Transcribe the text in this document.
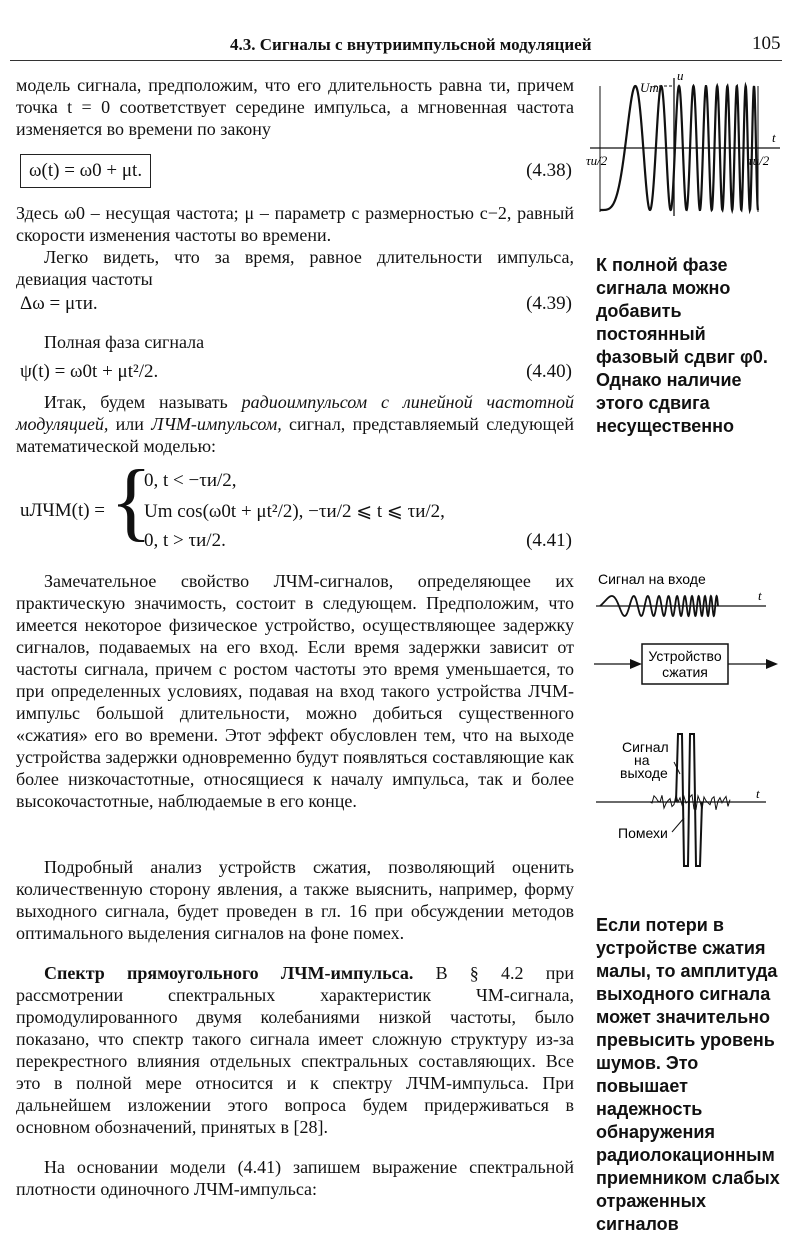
4.3. Сигналы с внутриимпульсной модуляцией	105

модель сигнала, предположим, что его длительность равна τи, причем точка t = 0 соответствует середине импульса, а мгновенная частота изменяется во времени по закону

ω(t) = ω0 + μt.	(4.38)

Здесь ω0 – несущая частота; μ – параметр с размерностью с−2, равный скорости изменения частоты во времени.

Легко видеть, что за время, равное длительности импульса, девиация частоты

Δω = μτи.	(4.39)

Полная фаза сигнала

ψ(t) = ω0t + μt²/2.	(4.40)

Итак, будем называть радиоимпульсом с линейной частотной модуляцией, или ЛЧМ-импульсом, сигнал, представляемый следующей математической моделью:

uЛЧМ(t) = {
0, t < −τи/2,
Um cos(ω0t + μt²/2), −τи/2 ⩽ t ⩽ τи/2,
0, t > τи/2.	(4.41)

Замечательное свойство ЛЧМ-сигналов, определяющее их практическую значимость, состоит в следующем. Предположим, что имеется некоторое физическое устройство, осуществляющее задержку сигналов, подаваемых на его вход. Если время задержки зависит от частоты сигнала, причем с ростом частоты это время уменьшается, то при определенных условиях, подавая на вход такого устройства ЛЧМ-импульс большой длительности, можно добиться существенного «сжатия» его во времени. Этот эффект обусловлен тем, что на выходе устройства задержки одновременно будут появляться составляющие как более низкочастотные, относящиеся к началу импульса, так и более высокочастотные, наблюдаемые в его конце.

Подробный анализ устройств сжатия, позволяющий оценить количественную сторону явления, а также выяснить, например, форму выходного сигнала, будет проведен в гл. 16 при обсуждении методов оптимального выделения сигналов на фоне помех.

Спектр прямоугольного ЛЧМ-импульса. В § 4.2 при рассмотрении спектральных характеристик ЧМ-сигнала, промодулированного двумя колебаниями низкой частоты, было показано, что спектр такого сигнала имеет сложную структуру из-за перекрестного влияния отдельных спектральных составляющих. Все это в полной мере относится и к спектру ЛЧМ-импульса. При дальнейшем изложении этого вопроса будем придерживаться в основном обозначений, принятых в [28].

На основании модели (4.41) запишем выражение спектральной плотности одиночного ЛЧМ-импульса:

Um
u
t
τи/2	τи/2
К полной фазе сигнала можно добавить постоянный фазовый сдвиг φ0. Однако наличие этого сдвига несущественно
Сигнал на входе
t
Устройство
сжатия
Сигнал
на
выходе
t
Помехи
Если потери в устройстве сжатия малы, то амплитуда выходного сигнала может значительно превысить уровень шумов. Это повышает надежность обнаружения радиолокационным приемником слабых отраженных сигналов
